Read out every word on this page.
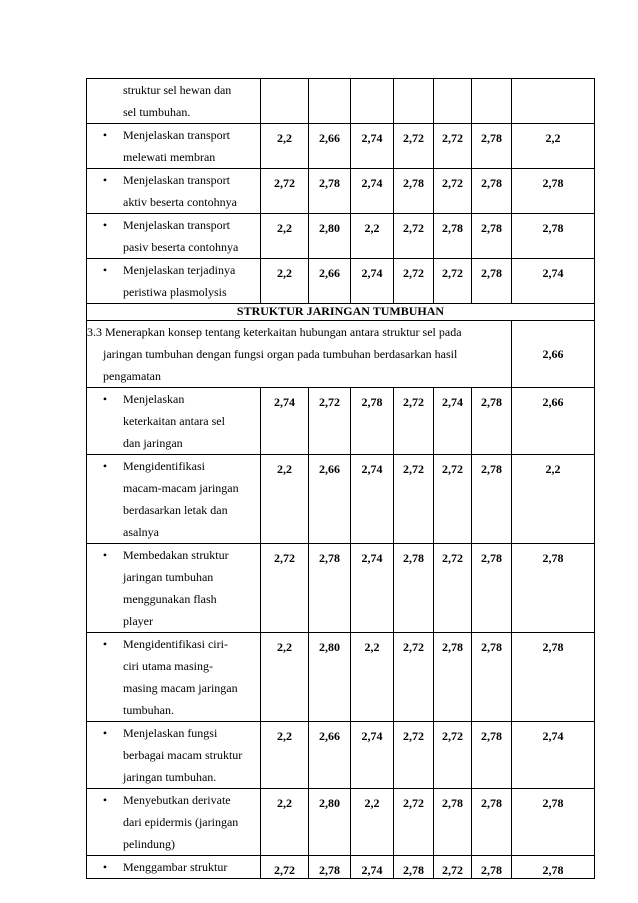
struktur sel hewan dan
sel tumbuhan.							

• Menjelaskan transport
melewati membran	2,2	2,66	2,74	2,72	2,72	2,78	2,2

• Menjelaskan transport
aktiv beserta contohnya	2,72	2,78	2,74	2,78	2,72	2,78	2,78

• Menjelaskan transport
pasiv beserta contohnya	2,2	2,80	2,2	2,72	2,78	2,78	2,78

• Menjelaskan terjadinya
peristiwa plasmolysis	2,2	2,66	2,74	2,72	2,72	2,78	2,74
STRUKTUR JARINGAN TUMBUHAN							

3.3 Menerapkan konsep tentang keterkaitan hubungan antara struktur sel pada
jaringan tumbuhan dengan fungsi organ pada tumbuhan berdasarkan hasil
pengamatan							2,66

• Menjelaskan
keterkaitan antara sel
dan jaringan	2,74	2,72	2,78	2,72	2,74	2,78	2,66

• Mengidentifikasi
macam-macam jaringan
berdasarkan letak dan
asalnya	2,2	2,66	2,74	2,72	2,72	2,78	2,2

• Membedakan struktur
jaringan tumbuhan
menggunakan flash
player	2,72	2,78	2,74	2,78	2,72	2,78	2,78

• Mengidentifikasi ciri-
ciri utama masing-
masing macam jaringan
tumbuhan.	2,2	2,80	2,2	2,72	2,78	2,78	2,78

• Menjelaskan fungsi
berbagai macam struktur
jaringan tumbuhan.	2,2	2,66	2,74	2,72	2,72	2,78	2,74

• Menyebutkan derivate
dari epidermis (jaringan
pelindung)	2,2	2,80	2,2	2,72	2,78	2,78	2,78

• Menggambar struktur	2,72	2,78	2,74	2,78	2,72	2,78	2,78
